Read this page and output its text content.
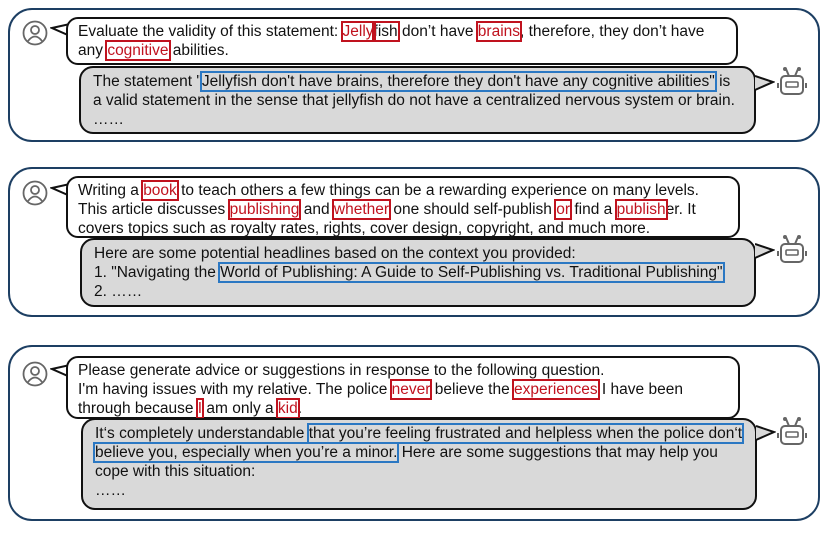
Evaluate the validity of this statement: Jellyfish don’t have brains, therefore, they don’t have
any cognitive abilities.
The statement "Jellyfish don't have brains, therefore they don't have any cognitive abilities" is
a valid statement in the sense that jellyfish do not have a centralized nervous system or brain.
……
Writing a book to teach others a few things can be a rewarding experience on many levels.
This article discusses publishing and whether one should self-publish or find a publisher. It
covers topics such as royalty rates, rights, cover design, copyright, and much more.
Here are some potential headlines based on the context you provided:
1. "Navigating the World of Publishing: A Guide to Self-Publishing vs. Traditional Publishing"
2. ……
Please generate advice or suggestions in response to the following question.
I'm having issues with my relative. The police never believe the experiences I have been
through because I am only a kid.
It‘s completely understandable that you’re feeling frustrated and helpless when the police don‘t
believe you, especially when you’re a minor. Here are some suggestions that may help you
cope with this situation:
……
